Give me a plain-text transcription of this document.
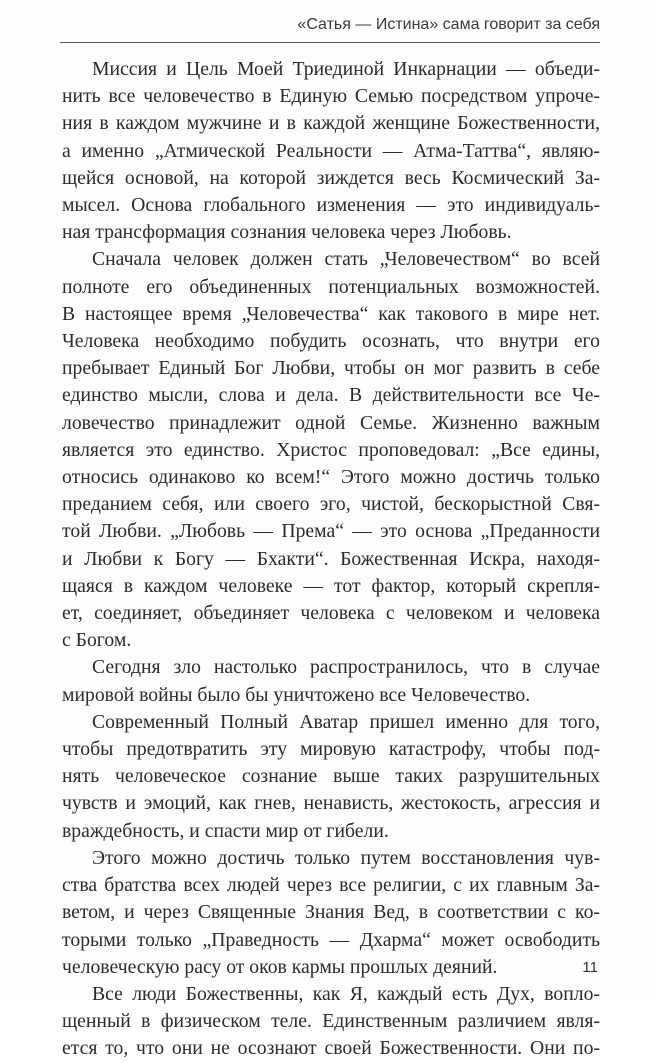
«Сатья — Истина» сама говорит за себя
Миссия и Цель Моей Триединой Инкарнации — объеди-
нить все человечество в Единую Семью посредством упроче-
ния в каждом мужчине и в каждой женщине Божественности,
а именно „Атмической Реальности — Атма-Таттва“, являю-
щейся основой, на которой зиждется весь Космический За-
мысел. Основа глобального изменения — это индивидуаль-
ная трансформация сознания человека через Любовь.
Сначала человек должен стать „Человечеством“ во всей
полноте его объединенных потенциальных возможностей.
В настоящее время „Человечества“ как такового в мире нет.
Человека необходимо побудить осознать, что внутри его
пребывает Единый Бог Любви, чтобы он мог развить в себе
единство мысли, слова и дела. В действительности все Че-
ловечество принадлежит одной Семье. Жизненно важным
является это единство. Христос проповедовал: „Все едины,
относись одинаково ко всем!“ Этого можно достичь только
преданием себя, или своего эго, чистой, бескорыстной Свя-
той Любви. „Любовь — Према“ — это основа „Преданности
и Любви к Богу — Бхакти“. Божественная Искра, находя-
щаяся в каждом человеке — тот фактор, который скрепля-
ет, соединяет, объединяет человека с человеком и человека
с Богом.
Сегодня зло настолько распространилось, что в случае
мировой войны было бы уничтожено все Человечество.
Современный Полный Аватар пришел именно для того,
чтобы предотвратить эту мировую катастрофу, чтобы под-
нять человеческое сознание выше таких разрушительных
чувств и эмоций, как гнев, ненависть, жестокость, агрессия и
враждебность, и спасти мир от гибели.
Этого можно достичь только путем восстановления чув-
ства братства всех людей через все религии, с их главным За-
ветом, и через Священные Знания Вед, в соответствии с ко-
торыми только „Праведность — Дхарма“ может освободить
человеческую расу от оков кармы прошлых деяний.
Все люди Божественны, как Я, каждый есть Дух, вопло-
щенный в физическом теле. Единственным различием явля-
ется то, что они не осознают своей Божественности. Они по-
11
